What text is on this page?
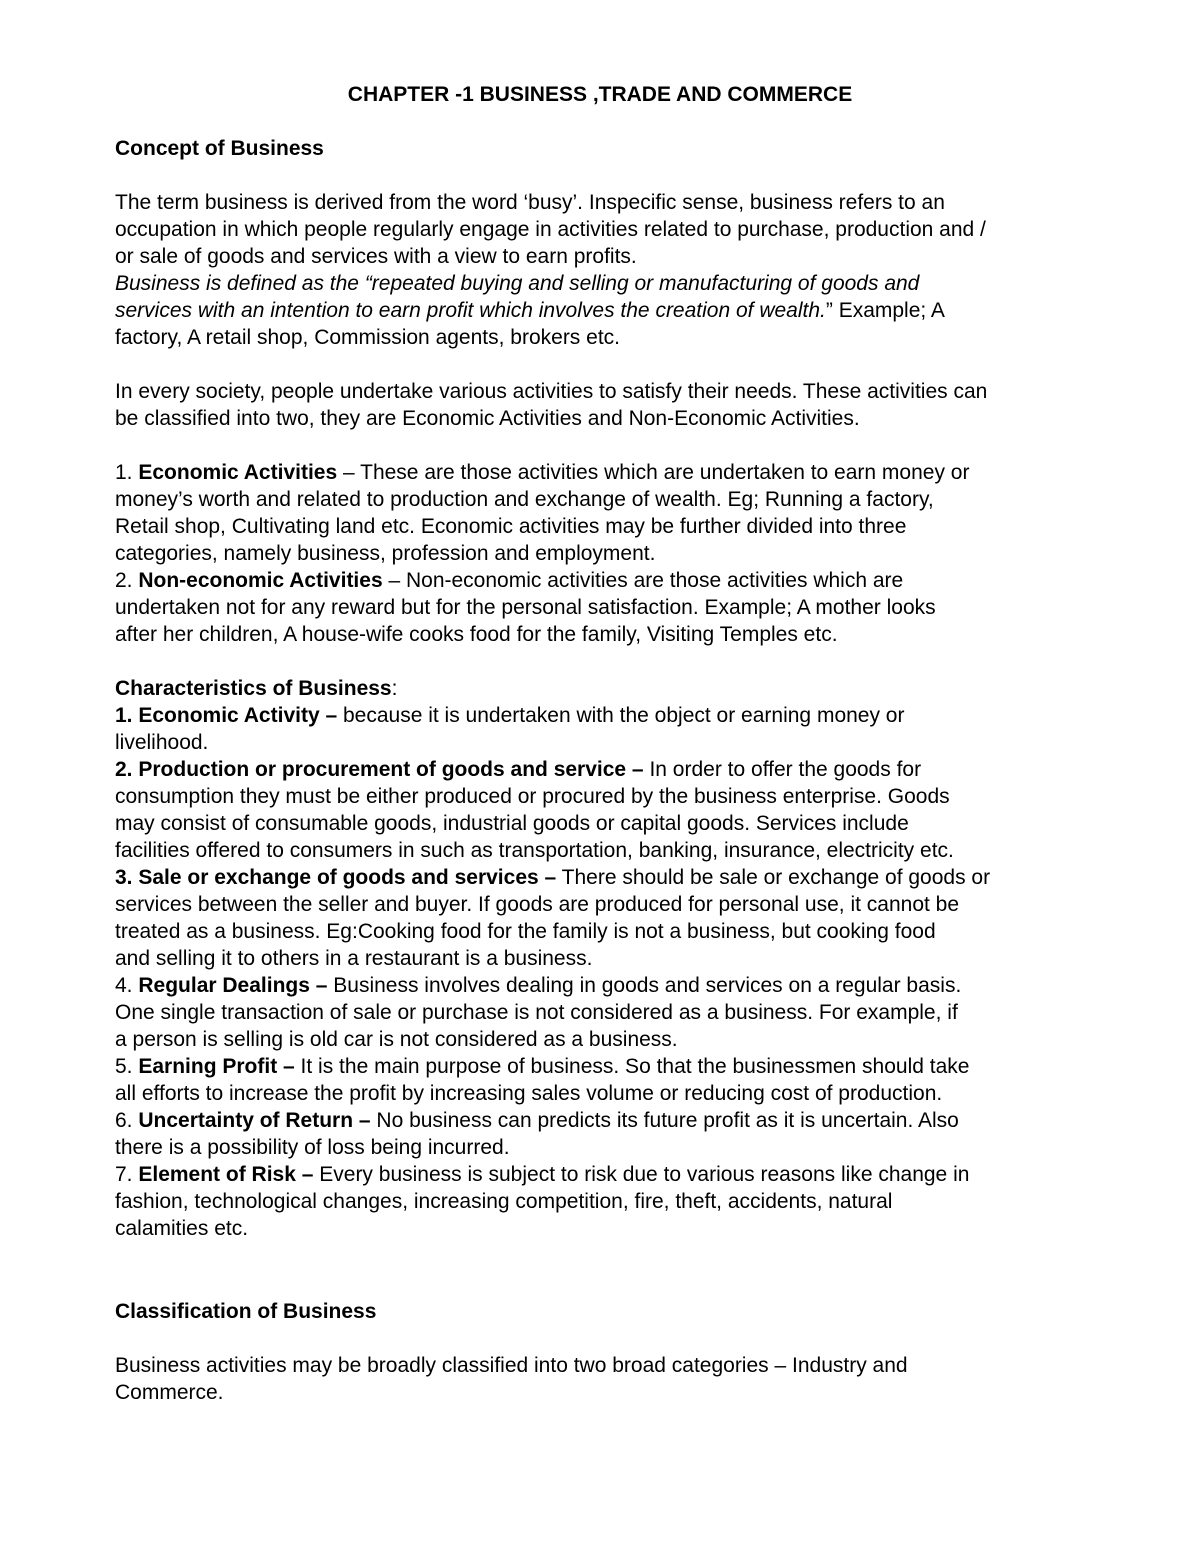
CHAPTER -1 BUSINESS ,TRADE AND COMMERCE

Concept of Business

The term business is derived from the word ‘busy’. Inspecific sense, business refers to an

occupation in which people regularly engage in activities related to purchase, production and /

or sale of goods and services with a view to earn profits.

Business is defined as the “repeated buying and selling or manufacturing of goods and

services with an intention to earn profit which involves the creation of wealth.” Example; A

factory, A retail shop, Commission agents, brokers etc.

In every society, people undertake various activities to satisfy their needs. These activities can

be classified into two, they are Economic Activities and Non-Economic Activities.

1. Economic Activities – These are those activities which are undertaken to earn money or

money’s worth and related to production and exchange of wealth. Eg; Running a factory,

Retail shop, Cultivating land etc. Economic activities may be further divided into three

categories, namely business, profession and employment.

2. Non-economic Activities – Non-economic activities are those activities which are

undertaken not for any reward but for the personal satisfaction. Example; A mother looks

after her children, A house-wife cooks food for the family, Visiting Temples etc.

Characteristics of Business:

1. Economic Activity – because it is undertaken with the object or earning money or

livelihood.

2. Production or procurement of goods and service – In order to offer the goods for

consumption they must be either produced or procured by the business enterprise. Goods

may consist of consumable goods, industrial goods or capital goods. Services include

facilities offered to consumers in such as transportation, banking, insurance, electricity etc.

3. Sale or exchange of goods and services – There should be sale or exchange of goods or

services between the seller and buyer. If goods are produced for personal use, it cannot be

treated as a business. Eg:Cooking food for the family is not a business, but cooking food

and selling it to others in a restaurant is a business.

4. Regular Dealings – Business involves dealing in goods and services on a regular basis.

One single transaction of sale or purchase is not considered as a business. For example, if

a person is selling is old car is not considered as a business.

5. Earning Profit – It is the main purpose of business. So that the businessmen should take

all efforts to increase the profit by increasing sales volume or reducing cost of production.

6. Uncertainty of Return – No business can predicts its future profit as it is uncertain. Also

there is a possibility of loss being incurred.

7. Element of Risk – Every business is subject to risk due to various reasons like change in

fashion, technological changes, increasing competition, fire, theft, accidents, natural

calamities etc.

Classification of Business

Business activities may be broadly classified into two broad categories – Industry and

Commerce.
